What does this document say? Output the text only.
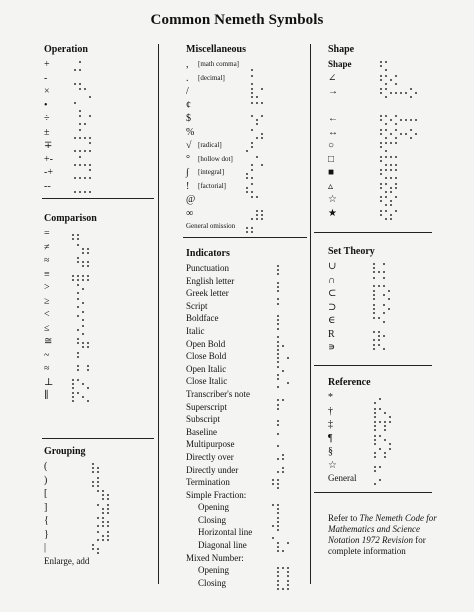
Common Nemeth Symbols
Operation
+
-
×
•
÷
±
∓
+-
-+
--
Comparison
=
≠
≈
≡
>
≥
<
≤
≅
~
≈
⊥
∥
Grouping
(
)
[
]
{
}
|
Enlarge, add
Miscellaneous
, [math comma]
. [decimal]
/
¢
$
%
√ [radical]
° [hollow dot]
∫ [integral]
! [factorial]
@
∞
General omission
Indicators
Punctuation
English letter
Greek letter
Script
Boldface
Italic
Open Bold
Close Bold
Open Italic
Close Italic
Transcriber's note
Superscript
Subscript
Baseline
Multipurpose
Directly over
Directly under
Termination
Simple Fraction:
Opening
Closing
Horizontal line
Diagonal line
Mixed Number:
Opening
Closing
Shape
Shape
∠
→
←
↔
○
□
■
▵
☆
★
Set Theory
∪
∩
⊂
⊃
∈
R
∍
Reference
*
†
‡
¶
§
☆
General
Refer to The Nemeth Code for Mathematics and Science Notation 1972 Revision for complete information
